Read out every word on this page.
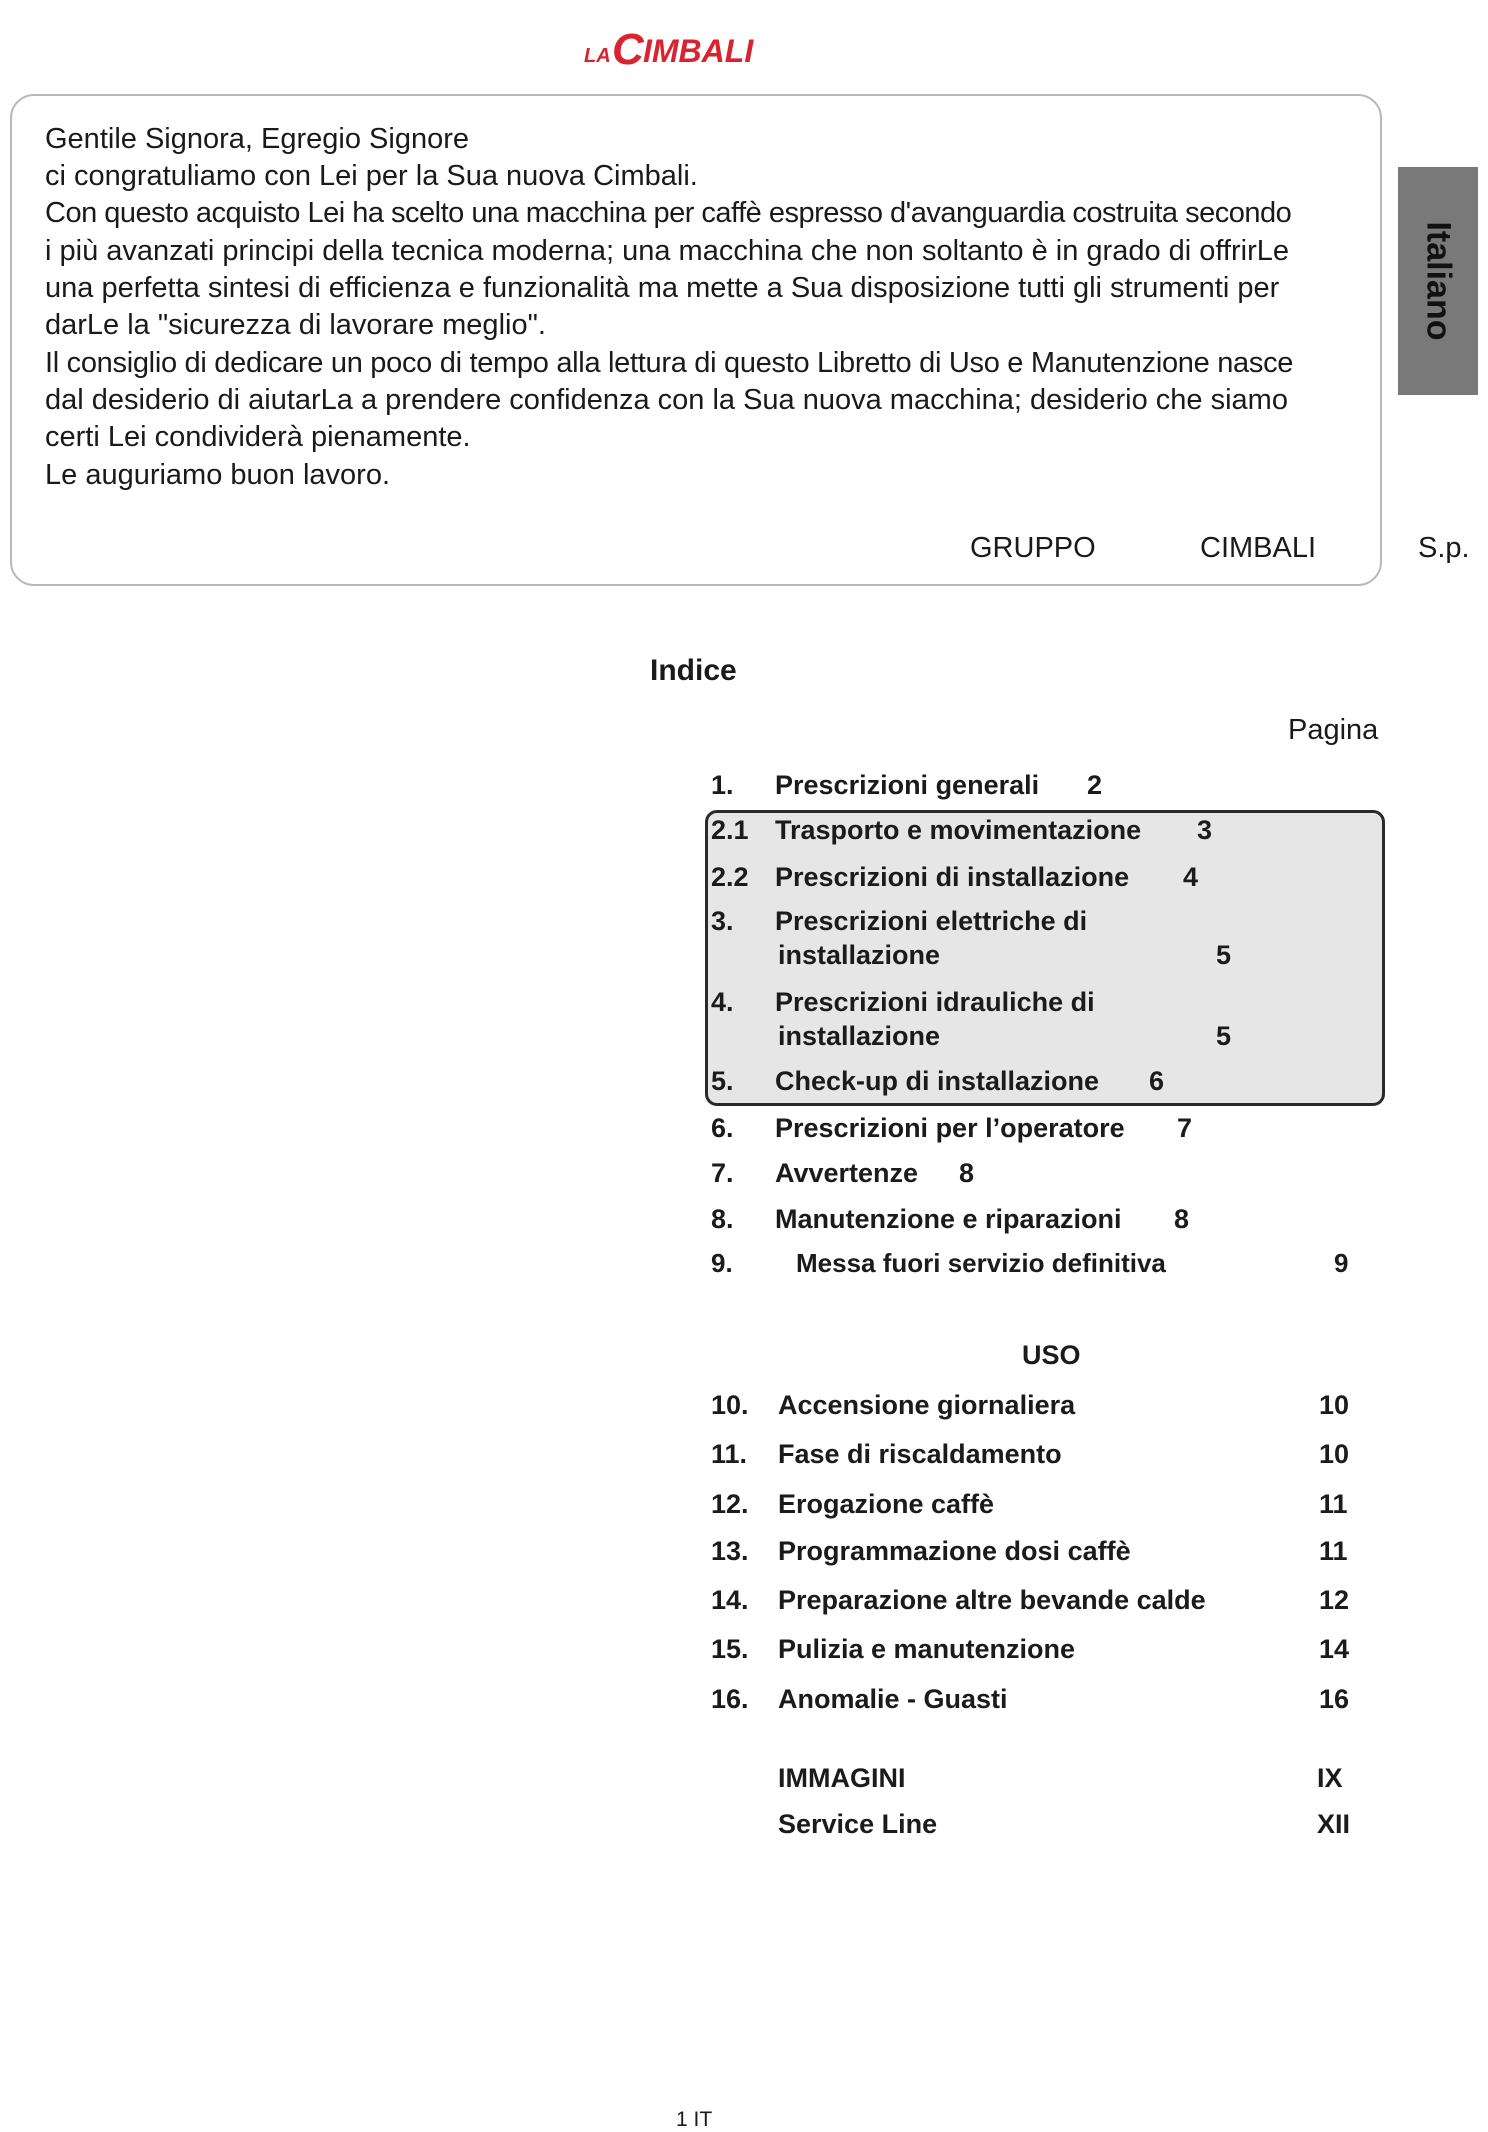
LA C IMBALI
Gentile Signora, Egregio Signore
ci congratuliamo con Lei per la Sua nuova Cimbali.
Con questo acquisto Lei ha scelto una macchina per caffè espresso d'avanguardia costruita secondo
i più avanzati principi della tecnica moderna; una macchina che non soltanto è in grado di offrirLe
una perfetta sintesi di efficienza e funzionalità ma mette a Sua disposizione tutti gli strumenti per
darLe la "sicurezza di lavorare meglio".
Il consiglio di dedicare un poco di tempo alla lettura di questo Libretto di Uso e Manutenzione nasce
dal desiderio di aiutarLa a prendere confidenza con la Sua nuova macchina; desiderio che siamo
certi Lei condividerà pienamente.
Le auguriamo buon lavoro.
GRUPPO	CIMBALI	S.p.
Italiano
Indice
Pagina
1. Prescrizioni generali 2
2.1 Trasporto e movimentazione 3
2.2 Prescrizioni di installazione 4
3. Prescrizioni elettriche di
installazione	5
4. Prescrizioni idrauliche di
installazione	5
5. Check-up di installazione 6
6. Prescrizioni per l’operatore 7
7. Avvertenze 8
8. Manutenzione e riparazioni 8
9. Messa fuori servizio definitiva	9
USO
10. Accensione giornaliera	10
11. Fase di riscaldamento	10
12. Erogazione caffè	11
13. Programmazione dosi caffè	11
14. Preparazione altre bevande calde	12
15. Pulizia e manutenzione	14
16. Anomalie - Guasti	16
IMMAGINI	IX
Service Line	XII
1 IT
